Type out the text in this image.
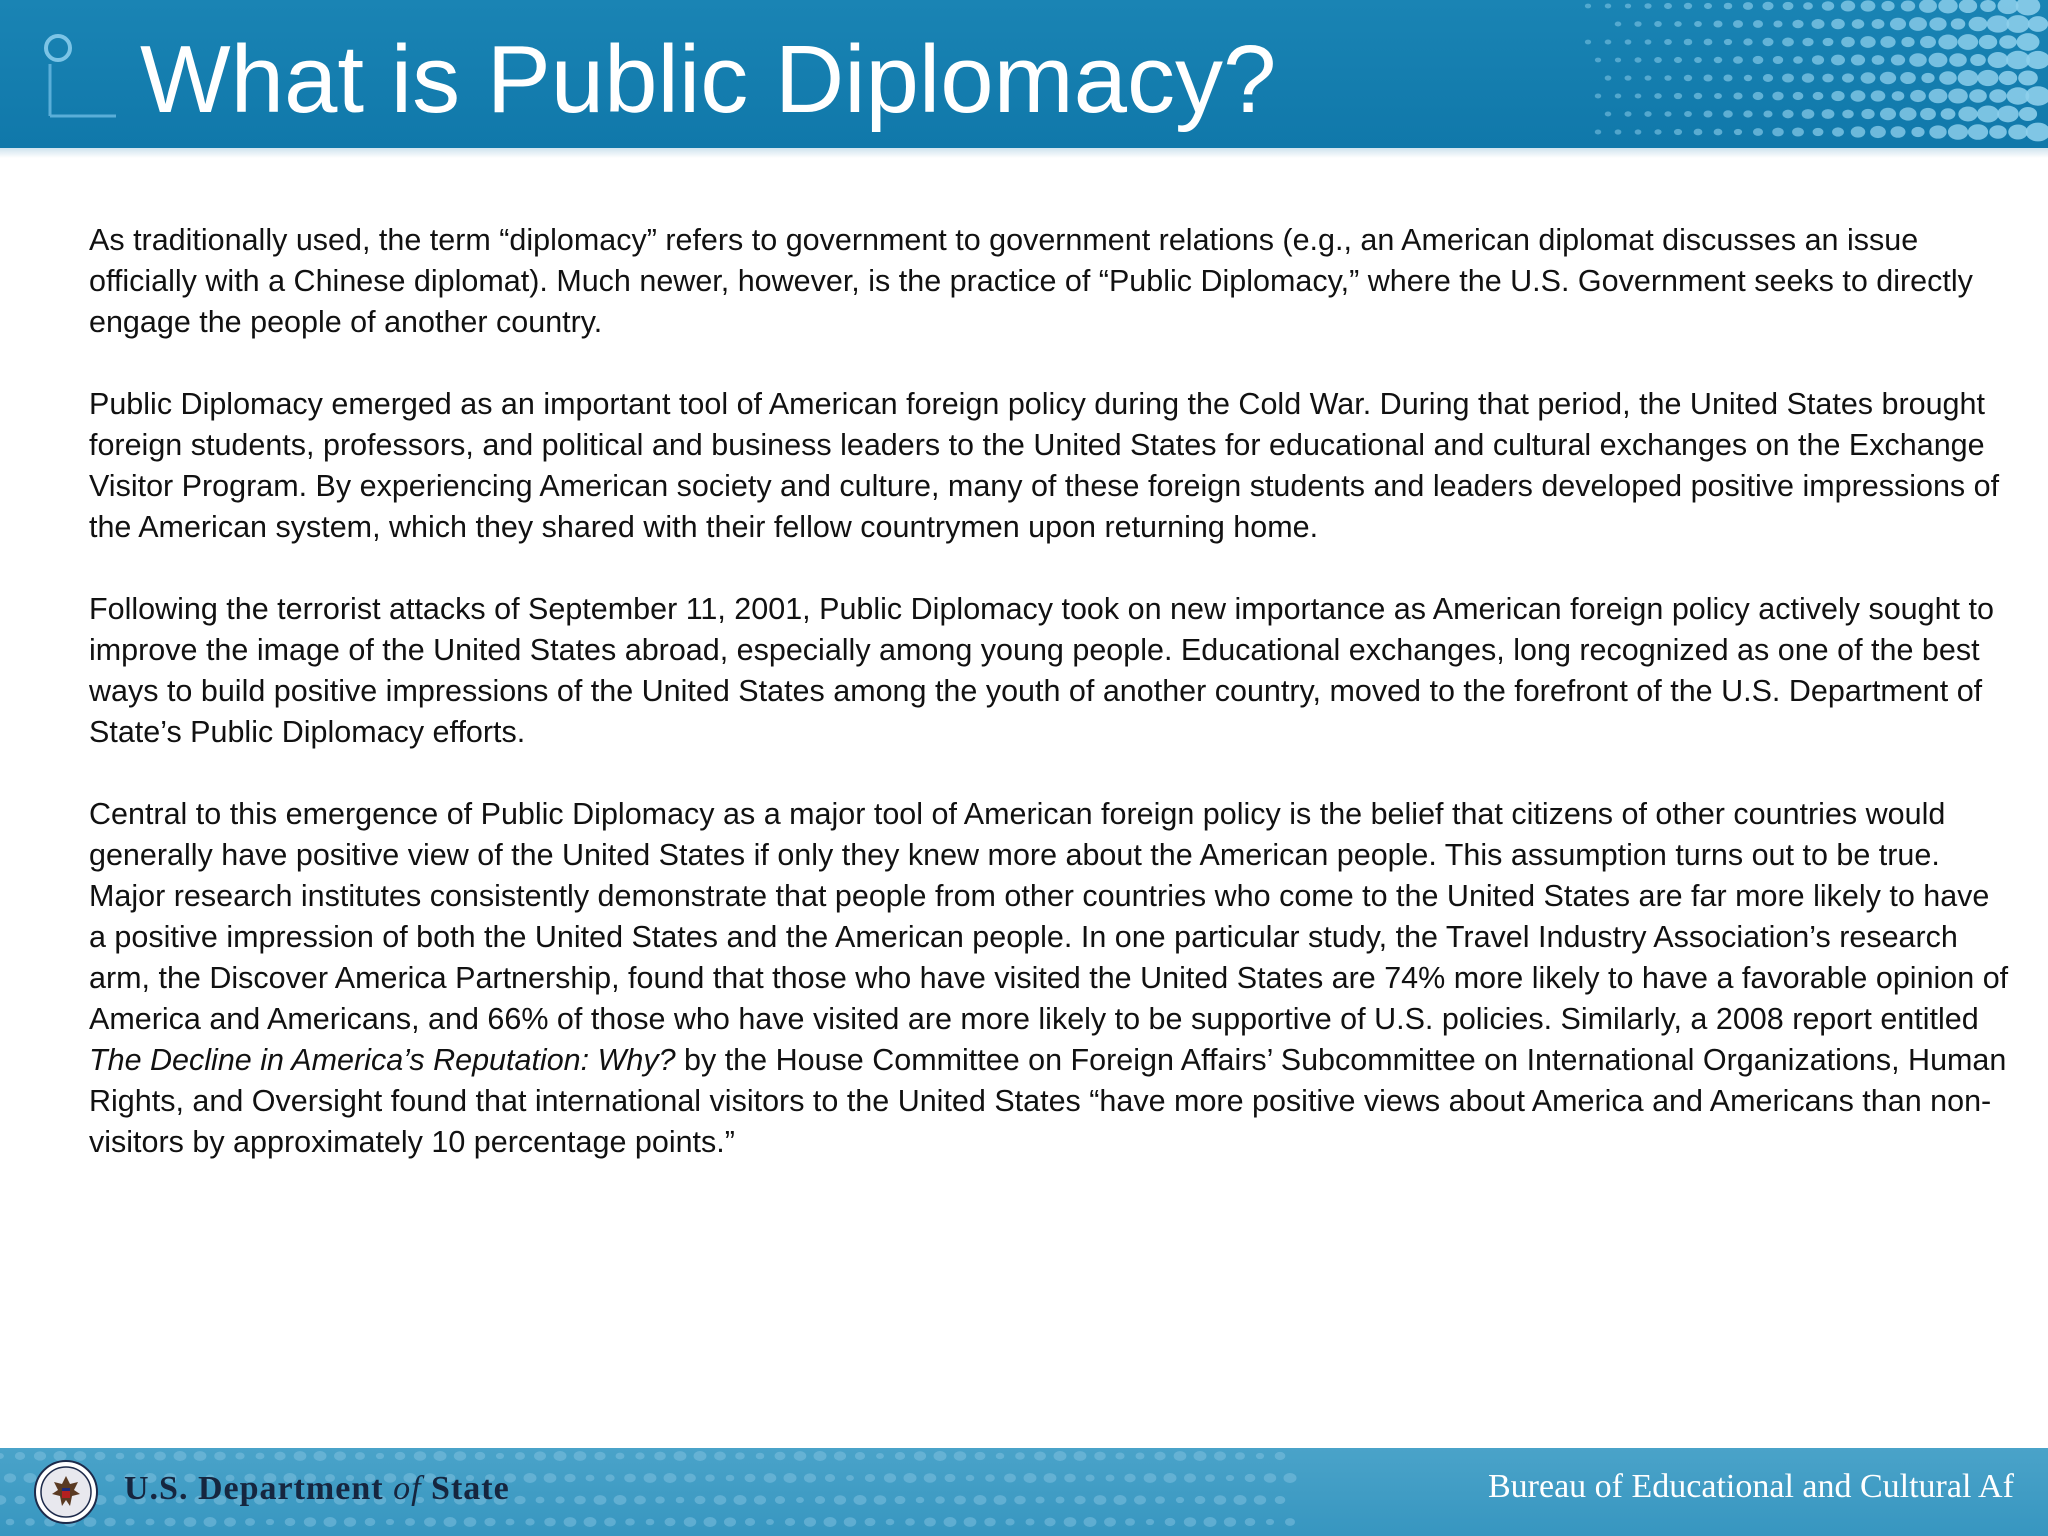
What is Public Diplomacy?

As traditionally used, the term “diplomacy” refers to government to government relations (e.g., an American diplomat discusses an issue officially with a Chinese diplomat). Much newer, however, is the practice of “Public Diplomacy,” where the U.S. Government seeks to directly engage the people of another country.

Public Diplomacy emerged as an important tool of American foreign policy during the Cold War. During that period, the United States brought foreign students, professors, and political and business leaders to the United States for educational and cultural exchanges on the Exchange Visitor Program. By experiencing American society and culture, many of these foreign students and leaders developed positive impressions of the American system, which they shared with their fellow countrymen upon returning home.

Following the terrorist attacks of September 11, 2001, Public Diplomacy took on new importance as American foreign policy actively sought to improve the image of the United States abroad, especially among young people. Educational exchanges, long recognized as one of the best ways to build positive impressions of the United States among the youth of another country, moved to the forefront of the U.S. Department of State’s Public Diplomacy efforts.

Central to this emergence of Public Diplomacy as a major tool of American foreign policy is the belief that citizens of other countries would generally have positive view of the United States if only they knew more about the American people. This assumption turns out to be true. Major research institutes consistently demonstrate that people from other countries who come to the United States are far more likely to have a positive impression of both the United States and the American people. In one particular study, the Travel Industry Association’s research arm, the Discover America Partnership, found that those who have visited the United States are 74% more likely to have a favorable opinion of America and Americans, and 66% of those who have visited are more likely to be supportive of U.S. policies. Similarly, a 2008 report entitled The Decline in America’s Reputation: Why? by the House Committee on Foreign Affairs’ Subcommittee on International Organizations, Human Rights, and Oversight found that international visitors to the United States “have more positive views about America and Americans than non-visitors by approximately 10 percentage points.”

U.S. Department of State	Bureau of Educational and Cultural Af
